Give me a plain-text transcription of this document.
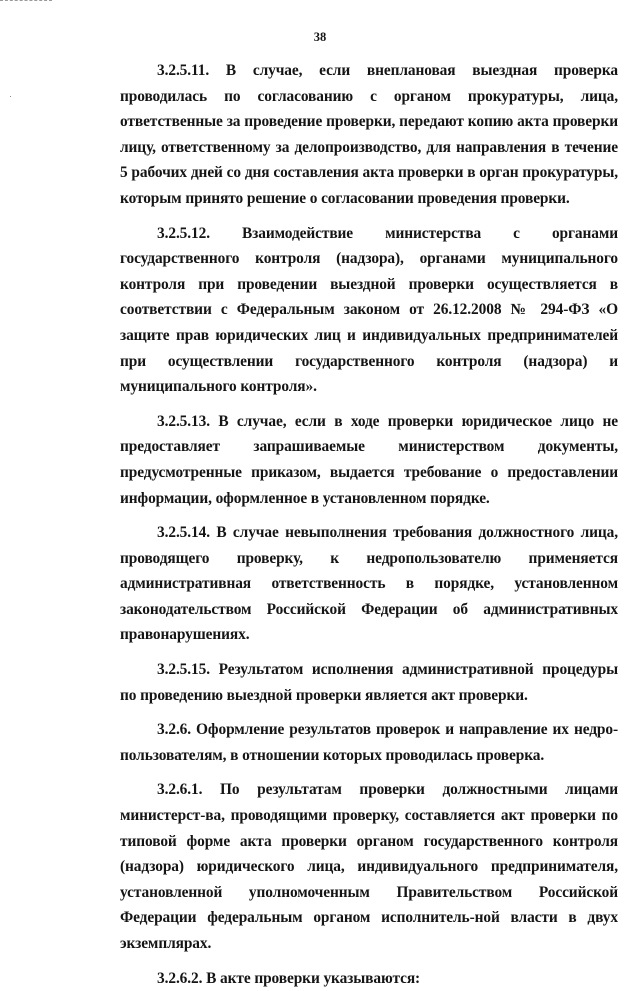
38

3.2.5.11. В случае, если внеплановая выездная проверка проводилась по согласованию с органом прокуратуры, лица, ответственные за проведение проверки, передают копию акта проверки лицу, ответственному за делопроизводство, для направления в течение 5 рабочих дней со дня составления акта проверки в орган прокуратуры, которым принято решение о согласовании проведения проверки.

3.2.5.12. Взаимодействие министерства с органами государственного контроля (надзора), органами муниципального контроля при проведении выездной проверки осуществляется в соответствии с Федеральным законом от 26.12.2008 № 294-ФЗ «О защите прав юридических лиц и индивидуальных предпринимателей при осуществлении государственного контроля (надзора) и муниципального контроля».

3.2.5.13. В случае, если в ходе проверки юридическое лицо не предоставляет запрашиваемые министерством документы, предусмотренные приказом, выдается требование о предоставлении информации, оформленное в установленном порядке.

3.2.5.14. В случае невыполнения требования должностного лица, проводящего проверку, к недропользователю применяется административная ответственность в порядке, установленном законодательством Российской Федерации об административных правонарушениях.

3.2.5.15. Результатом исполнения административной процедуры по проведению выездной проверки является акт проверки.

3.2.6. Оформление результатов проверок и направление их недро-пользователям, в отношении которых проводилась проверка.

3.2.6.1. По результатам проверки должностными лицами министерст-ва, проводящими проверку, составляется акт проверки по типовой форме акта проверки органом государственного контроля (надзора) юридического лица, индивидуального предпринимателя, установленной уполномоченным Правительством Российской Федерации федеральным органом исполнитель-ной власти в двух экземплярах.

3.2.6.2. В акте проверки указываются:
